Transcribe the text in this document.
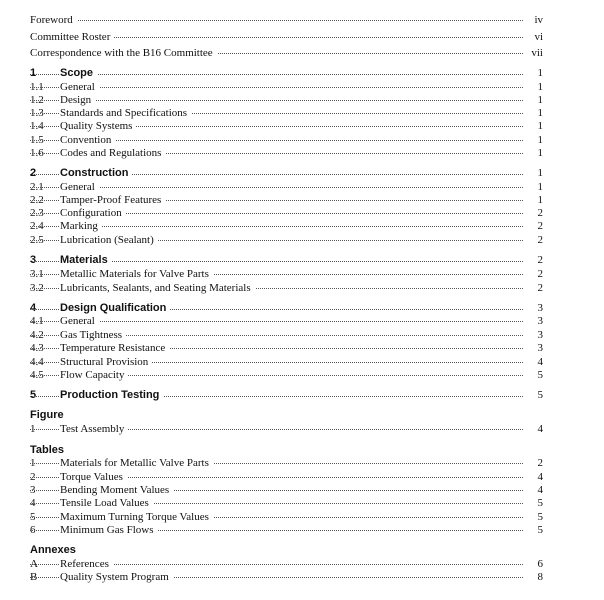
Foreword	iv
Committee Roster	vi
Correspondence with the B16 Committee	vii
1 Scope	1
1.1 General	1
1.2 Design	1
1.3 Standards and Specifications	1
1.4 Quality Systems	1
1.5 Convention	1
1.6 Codes and Regulations	1
2 Construction	1
2.1 General	1
2.2 Tamper-Proof Features	1
2.3 Configuration	2
2.4 Marking	2
2.5 Lubrication (Sealant)	2
3 Materials	2
3.1 Metallic Materials for Valve Parts	2
3.2 Lubricants, Sealants, and Seating Materials	2
4 Design Qualification	3
4.1 General	3
4.2 Gas Tightness	3
4.3 Temperature Resistance	3
4.4 Structural Provision	4
4.5 Flow Capacity	5
5 Production Testing	5
Figure
1 Test Assembly	4
Tables
1 Materials for Metallic Valve Parts	2
2 Torque Values	4
3 Bending Moment Values	4
4 Tensile Load Values	5
5 Maximum Turning Torque Values	5
6 Minimum Gas Flows	5
Annexes
A References	6
B Quality System Program	8
